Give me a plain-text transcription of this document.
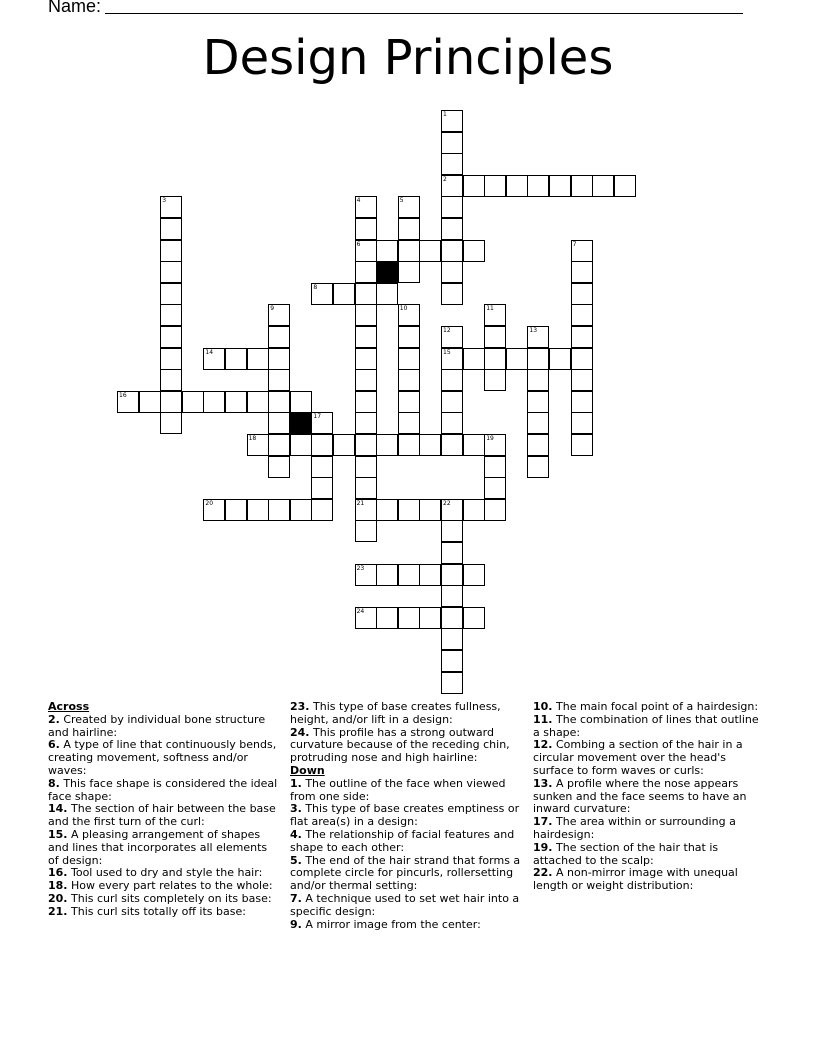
Name:
Design Principles
2
6
8
14	15
16
18
20	21	22
23
24
1
3	4	5
7
9	10	11
12	13
17
19
Across
2. Created by individual bone structure and hairline:
6. A type of line that continuously bends, creating movement, softness and/or waves:
8. This face shape is considered the ideal face shape:
14. The section of hair between the base and the first turn of the curl:
15. A pleasing arrangement of shapes and lines that incorporates all elements of design:
16. Tool used to dry and style the hair:
18. How every part relates to the whole:
20. This curl sits completely on its base:
21. This curl sits totally off its base:
23. This type of base creates fullness, height, and/or lift in a design:
24. This profile has a strong outward curvature because of the receding chin, protruding nose and high hairline:
Down
1. The outline of the face when viewed from one side:
3. This type of base creates emptiness or flat area(s) in a design:
4. The relationship of facial features and shape to each other:
5. The end of the hair strand that forms a complete circle for pincurls, rollersetting and/or thermal setting:
7. A technique used to set wet hair into a specific design:
9. A mirror image from the center:
10. The main focal point of a hairdesign:
11. The combination of lines that outline a shape:
12. Combing a section of the hair in a circular movement over the head's surface to form waves or curls:
13. A profile where the nose appears sunken and the face seems to have an inward curvature:
17. The area within or surrounding a hairdesign:
19. The section of the hair that is attached to the scalp:
22. A non-mirror image with unequal length or weight distribution:
